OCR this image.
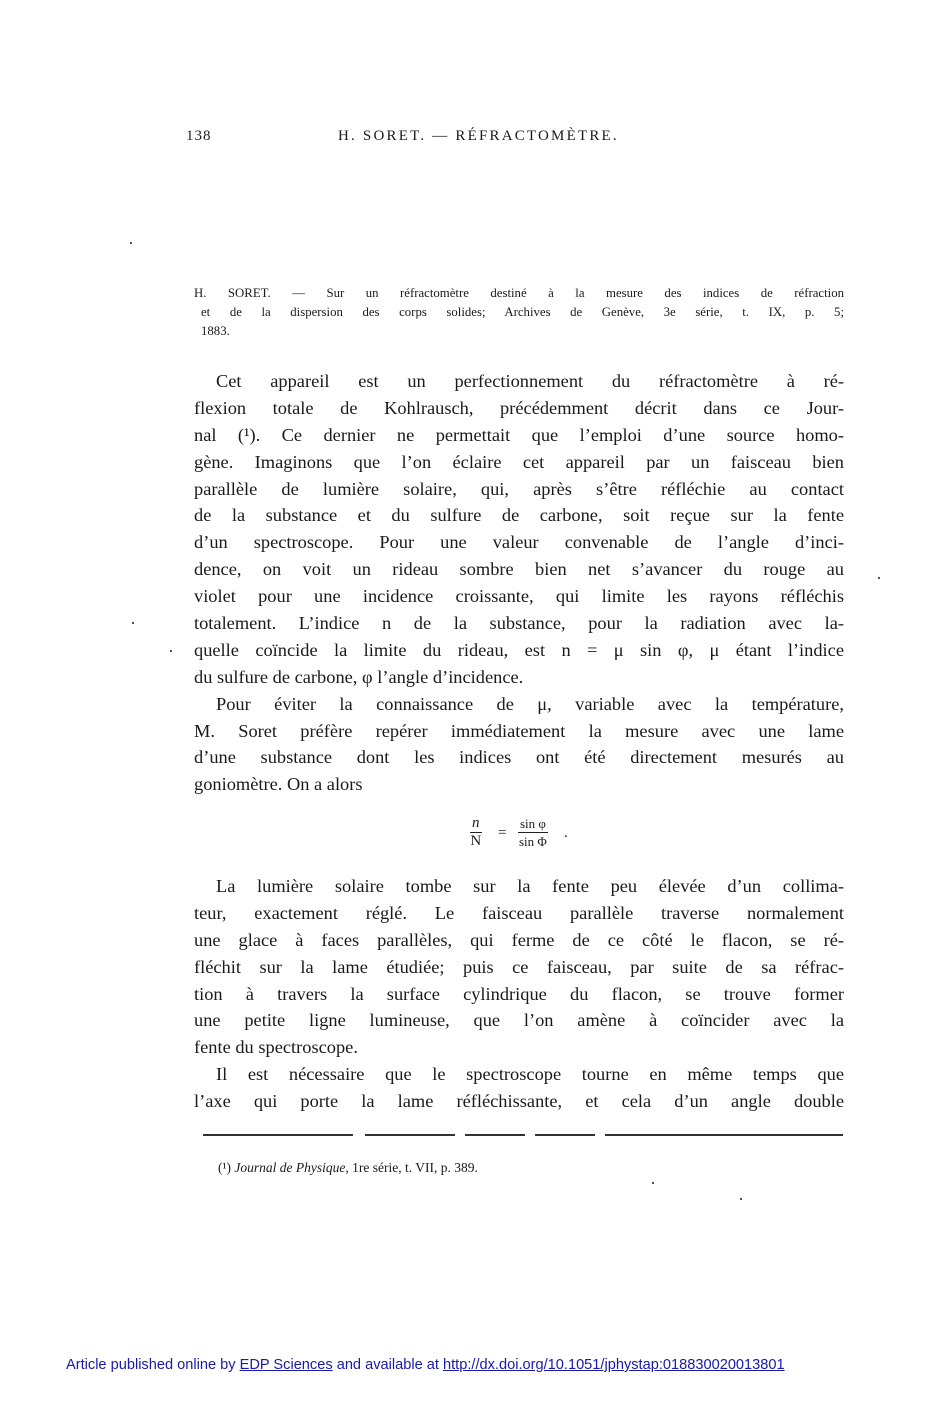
138	H. SORET. — RÉFRACTOMÈTRE.
H. SORET. — Sur un réfractomètre destiné à la mesure des indices de réfraction
et de la dispersion des corps solides; Archives de Genève, 3e série, t. IX, p. 5;
1883.
Cet appareil est un perfectionnement du réfractomètre à ré-
flexion totale de Kohlrausch, précédemment décrit dans ce Jour-
nal (¹). Ce dernier ne permettait que l’emploi d’une source homo-
gène. Imaginons que l’on éclaire cet appareil par un faisceau bien
parallèle de lumière solaire, qui, après s’être réfléchie au contact
de la substance et du sulfure de carbone, soit reçue sur la fente
d’un spectroscope. Pour une valeur convenable de l’angle d’inci-
dence, on voit un rideau sombre bien net s’avancer du rouge au
violet pour une incidence croissante, qui limite les rayons réfléchis
totalement. L’indice n de la substance, pour la radiation avec la-
quelle coïncide la limite du rideau, est n = μ sin φ, μ étant l’indice
du sulfure de carbone, φ l’angle d’incidence.
Pour éviter la connaissance de μ, variable avec la température,
M. Soret préfère repérer immédiatement la mesure avec une lame
d’une substance dont les indices ont été directement mesurés au
goniomètre. On a alors
$\frac{n}{N} = \frac{\text{sin φ}}{\text{sin Φ}}$ .
La lumière solaire tombe sur la fente peu élevée d’un collima-
teur, exactement réglé. Le faisceau parallèle traverse normalement
une glace à faces parallèles, qui ferme de ce côté le flacon, se ré-
fléchit sur la lame étudiée; puis ce faisceau, par suite de sa réfrac-
tion à travers la surface cylindrique du flacon, se trouve former
une petite ligne lumineuse, que l’on amène à coïncider avec la
fente du spectroscope.
Il est nécessaire que le spectroscope tourne en même temps que
l’axe qui porte la lame réfléchissante, et cela d’un angle double
(¹) Journal de Physique, 1re série, t. VII, p. 389.
Article published online by EDP Sciences and available at http://dx.doi.org/10.1051/jphystap:018830020013801
